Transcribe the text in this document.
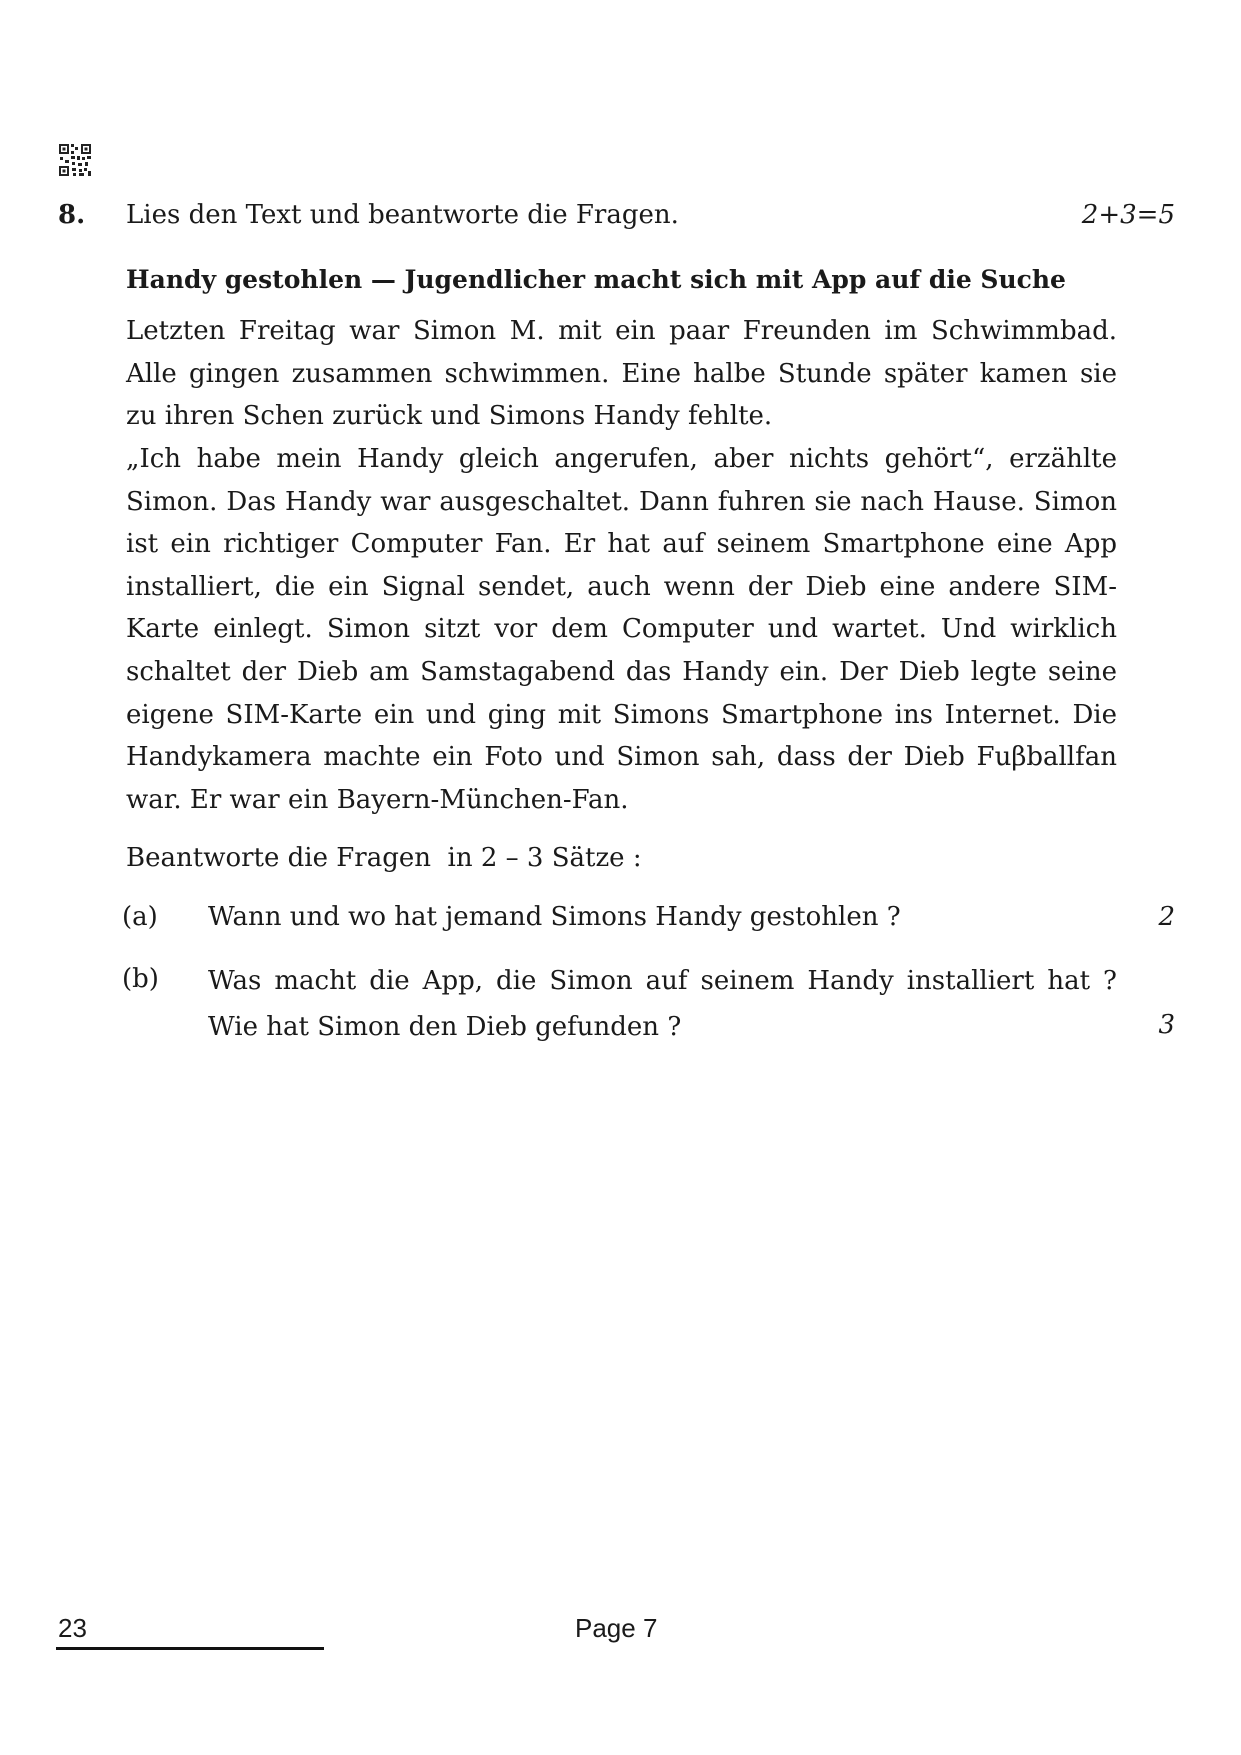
8. Lies den Text und beantworte die Fragen.	2+3=5
Handy gestohlen — Jugendlicher macht sich mit App auf die Suche
Letzten Freitag war Simon M. mit ein paar Freunden im Schwimmbad. Alle gingen zusammen schwimmen. Eine halbe Stunde später kamen sie zu ihren Schen zurück und Simons Handy fehlte.
„Ich habe mein Handy gleich angerufen, aber nichts gehört“, erzählte Simon. Das Handy war ausgeschaltet. Dann fuhren sie nach Hause. Simon ist ein richtiger Computer Fan. Er hat auf seinem Smartphone eine App installiert, die ein Signal sendet, auch wenn der Dieb eine andere SIM-Karte einlegt. Simon sitzt vor dem Computer und wartet. Und wirklich schaltet der Dieb am Samstagabend das Handy ein. Der Dieb legte seine eigene SIM-Karte ein und ging mit Simons Smartphone ins Internet. Die Handykamera machte ein Foto und Simon sah, dass der Dieb Fuβballfan war. Er war ein Bayern-München-Fan.
Beantworte die Fragen  in 2 – 3 Sätze :
(a) Wann und wo hat jemand Simons Handy gestohlen ?	2
(b) Was macht die App, die Simon auf seinem Handy installiert hat ?
Wie hat Simon den Dieb gefunden ?	3
23	Page 7
